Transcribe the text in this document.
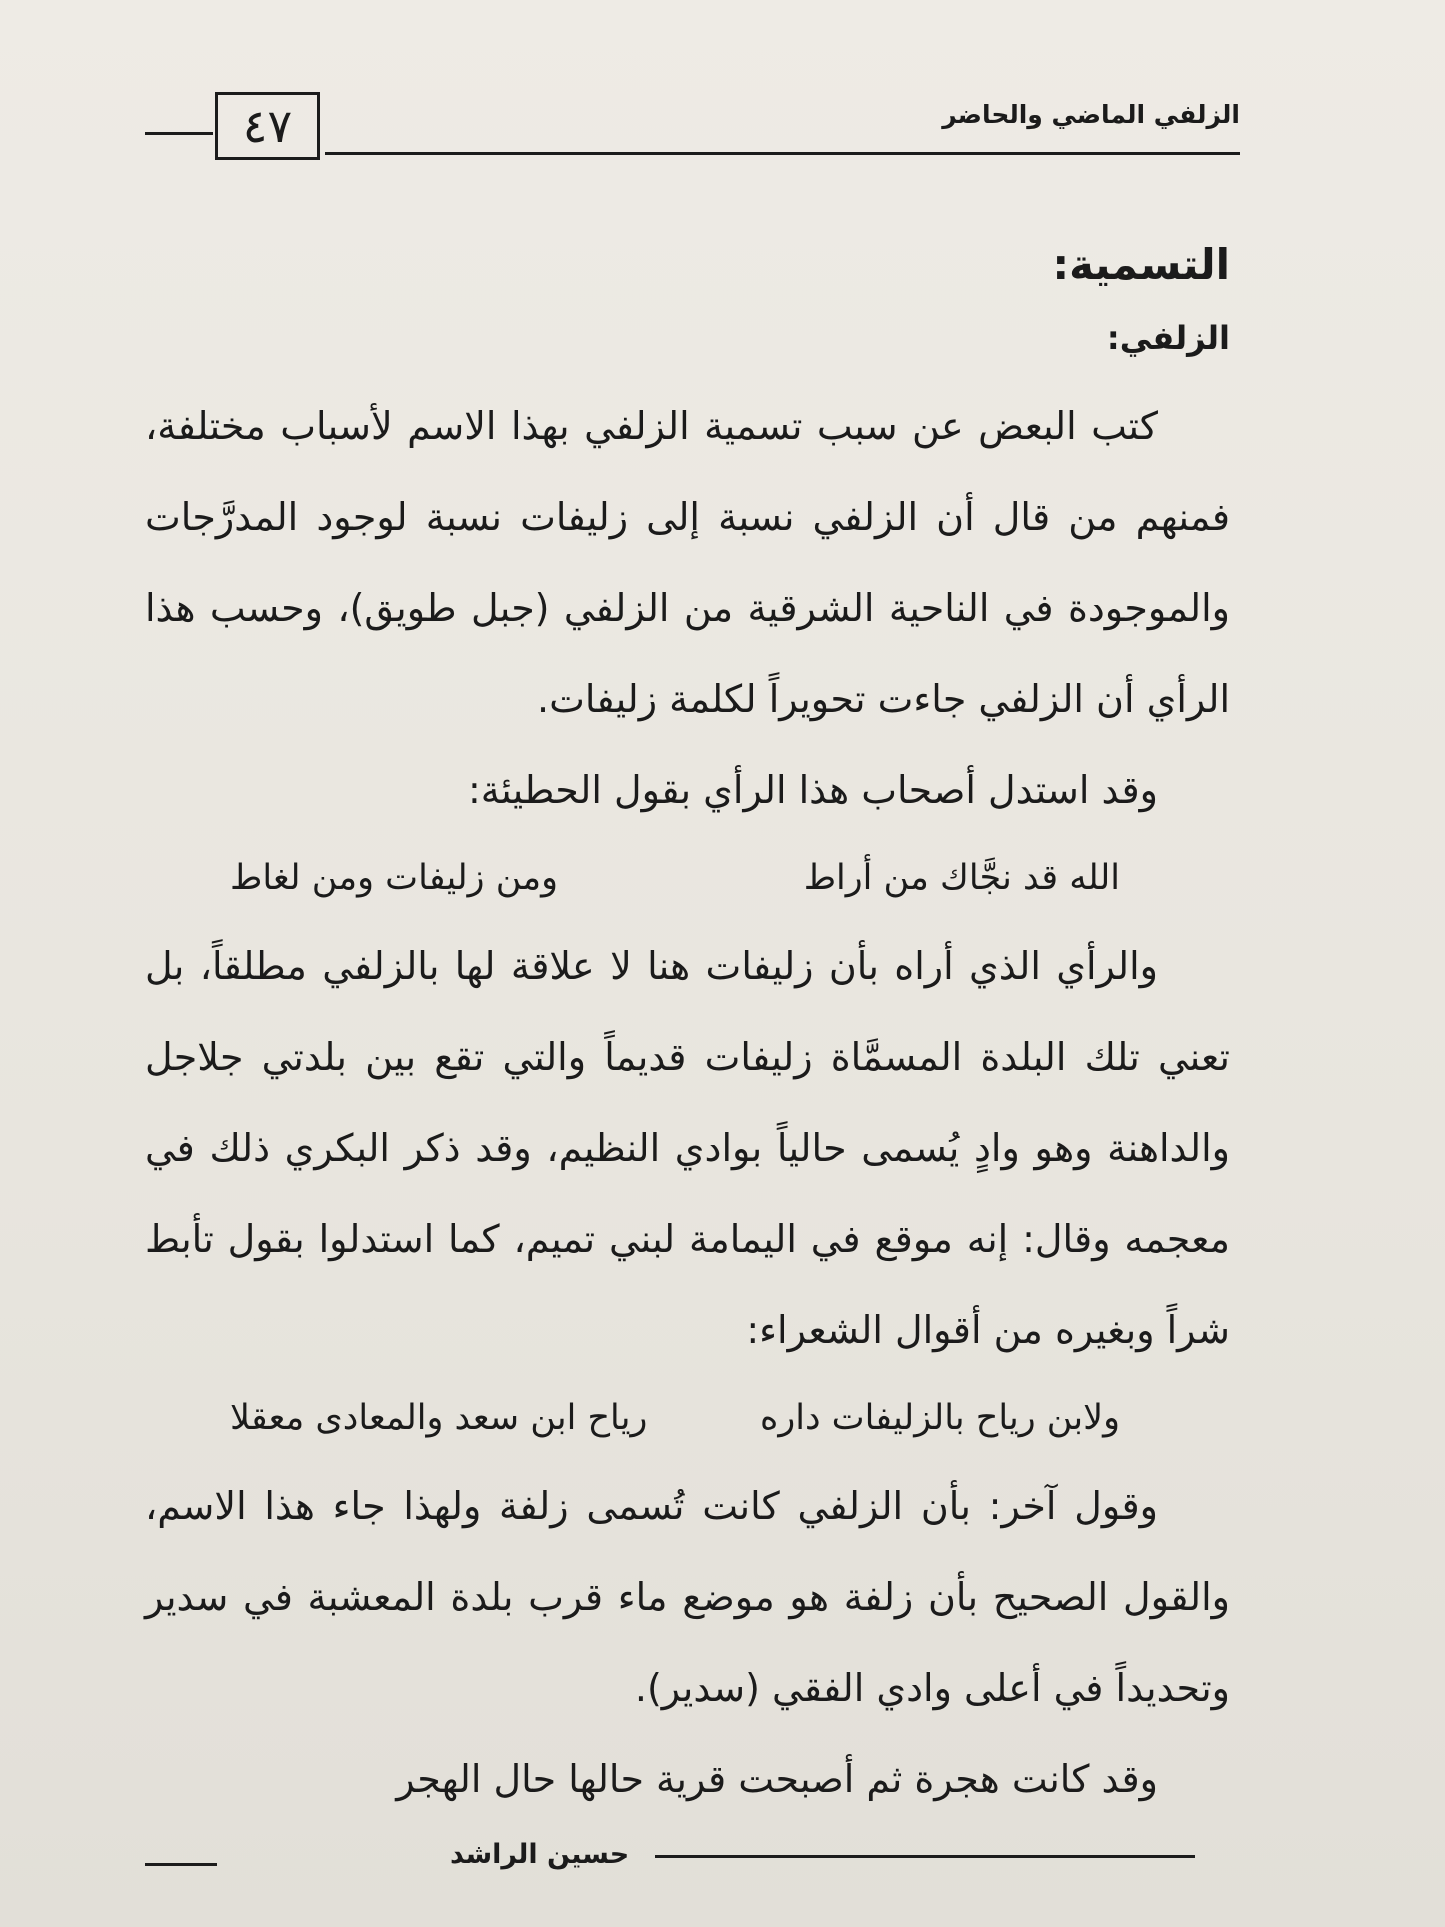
٤٧	الزلفي الماضي والحاضر
التسمية:
الزلفي:

كتب البعض عن سبب تسمية الزلفي بهذا الاسم لأسباب مختلفة، فمنهم من قال أن الزلفي نسبة إلى زليفات نسبة لوجود المدرَّجات والموجودة في الناحية الشرقية من الزلفي (جبل طويق)، وحسب هذا الرأي أن الزلفي جاءت تحويراً لكلمة زليفات.

وقد استدل أصحاب هذا الرأي بقول الحطيئة:

الله قد نجَّاك من أراط
ومن زليفات ومن لغاط

والرأي الذي أراه بأن زليفات هنا لا علاقة لها بالزلفي مطلقاً، بل تعني تلك البلدة المسمَّاة زليفات قديماً والتي تقع بين بلدتي جلاجل والداهنة وهو وادٍ يُسمى حالياً بوادي النظيم، وقد ذكر البكري ذلك في معجمه وقال: إنه موقع في اليمامة لبني تميم، كما استدلوا بقول تأبط شراً وبغيره من أقوال الشعراء:

ولابن رياح بالزليفات داره
رياح ابن سعد والمعادى معقلا

وقول آخر: بأن الزلفي كانت تُسمى زلفة ولهذا جاء هذا الاسم، والقول الصحيح بأن زلفة هو موضع ماء قرب بلدة المعشبة في سدير وتحديداً في أعلى وادي الفقي (سدير).

وقد كانت هجرة ثم أصبحت قرية حالها حال الهجر

حسين الراشد
